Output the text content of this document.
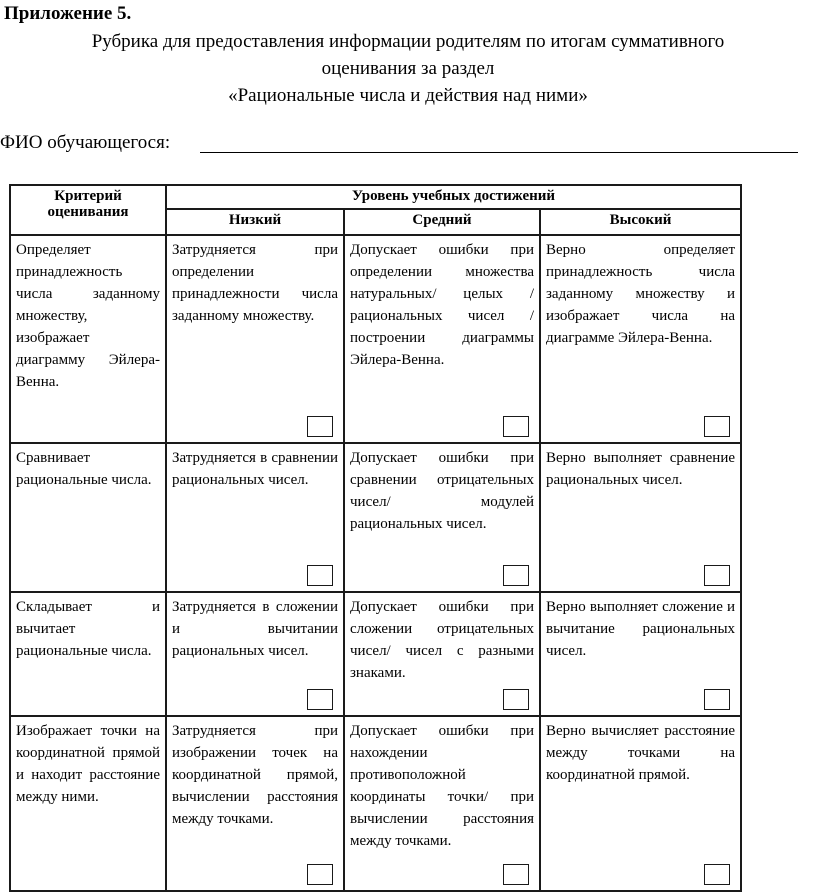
Приложение 5.
Рубрика для предоставления информации родителям по итогам суммативного
оценивания за раздел
«Рациональные числа и действия над ними»
ФИО обучающегося:
Критерий оценивания	Уровень учебных достижений		
	Низкий	Средний	Высокий

Определяет принадлежность числа заданному множеству, изображает диаграмму Эйлера-Венна.	Затрудняется при определении принадлежности числа заданному множеству.	Допускает ошибки при определении множества натуральных/ целых / рациональных чисел / построении диаграммы Эйлера-Венна.	Верно определяет принадлежность числа заданному множеству и изображает числа на диаграмме Эйлера-Венна.

Сравнивает рациональные числа.	Затрудняется в сравнении рациональных чисел.	Допускает ошибки при сравнении отрицательных чисел/ модулей рациональных чисел.	Верно выполняет сравнение рациональных чисел.

Складывает и вычитает рациональные числа.	Затрудняется в сложении и вычитании рациональных чисел.	Допускает ошибки при сложении отрицательных чисел/ чисел с разными знаками.	Верно выполняет сложение и вычитание рациональных чисел.

Изображает точки на координатной прямой и находит расстояние между ними.	Затрудняется при изображении точек на координатной прямой, вычислении расстояния между точками.	Допускает ошибки при нахождении противоположной координаты точки/ при вычислении расстояния между точками.	Верно вычисляет расстояние между точками на координатной прямой.
